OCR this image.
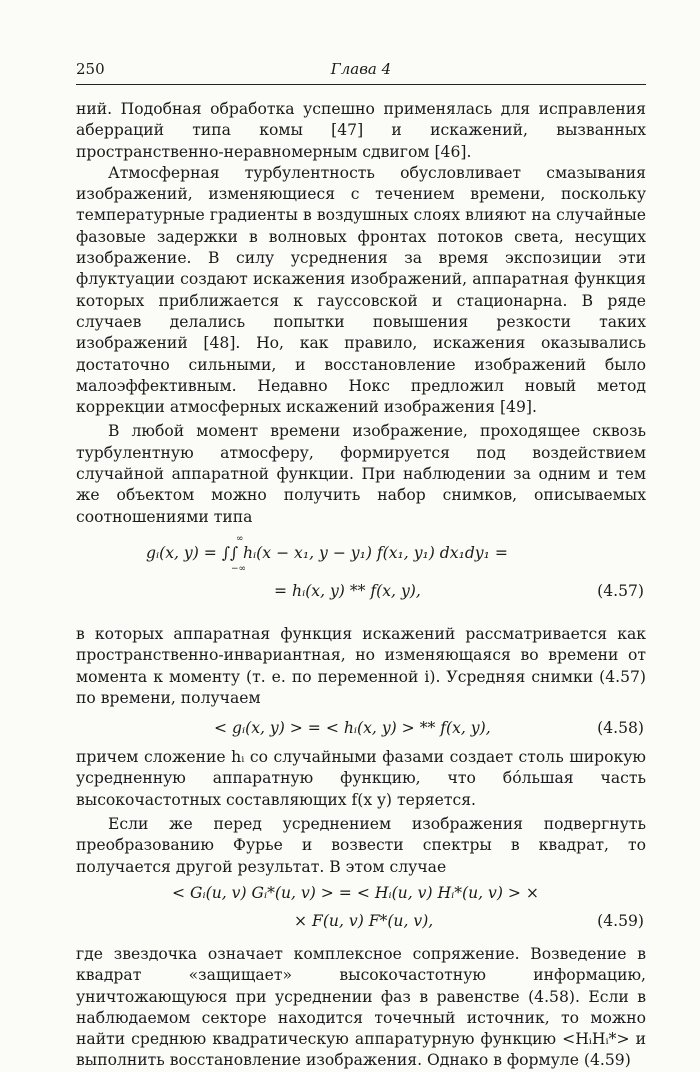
250	Глава 4

ний. Подобная обработка успешно применялась для исправления аберраций типа комы [47] и искажений, вызванных пространственно-неравномерным сдвигом [46].

Атмосферная турбулентность обусловливает смазывания изображений, изменяющиеся с течением времени, поскольку температурные градиенты в воздушных слоях влияют на случайные фазовые задержки в волновых фронтах потоков света, несущих изображение. В силу усреднения за время экспозиции эти флуктуации создают искажения изображений, аппаратная функция которых приближается к гауссовской и стационарна. В ряде случаев делались попытки повышения резкости таких изображений [48]. Но, как правило, искажения оказывались достаточно сильными, и восстановление изображений было малоэффективным. Недавно Нокс предложил новый метод коррекции атмосферных искажений изображения [49].

В любой момент времени изображение, проходящее сквозь турбулентную атмосферу, формируется под воздействием случайной аппаратной функции. При наблюдении за одним и тем же объектом можно получить набор снимков, описываемых соотношениями типа

gᵢ(x, y) = ∫∫ hᵢ(x − x₁, y − y₁) f(x₁, y₁) dx₁dy₁ =
∞
−∞
= hᵢ(x, y) ** f(x, y),	(4.57)

в которых аппаратная функция искажений рассматривается как пространственно-инвариантная, но изменяющаяся во времени от момента к моменту (т. е. по переменной i). Усредняя снимки (4.57) по времени, получаем

< gᵢ(x, y) > = < hᵢ(x, y) > ** f(x, y),	(4.58)

причем сложение hᵢ со случайными фазами создает столь широкую усредненную аппаратную функцию, что бо́льшая часть высокочастотных составляющих f(x y) теряется.

Если же перед усреднением изображения подвергнуть преобразованию Фурье и возвести спектры в квадрат, то получается другой результат. В этом случае

< Gᵢ(u, v) Gᵢ*(u, v) > = < Hᵢ(u, v) Hᵢ*(u, v) > ×
× F(u, v) F*(u, v),	(4.59)

где звездочка означает комплексное сопряжение. Возведение в квадрат «защищает» высокочастотную информацию, уничтожающуюся при усреднении фаз в равенстве (4.58). Если в наблюдаемом секторе находится точечный источник, то можно найти среднюю квадратическую аппаратурную функцию <HᵢHᵢ*> и выполнить восстановление изображения. Однако в формуле (4.59)
